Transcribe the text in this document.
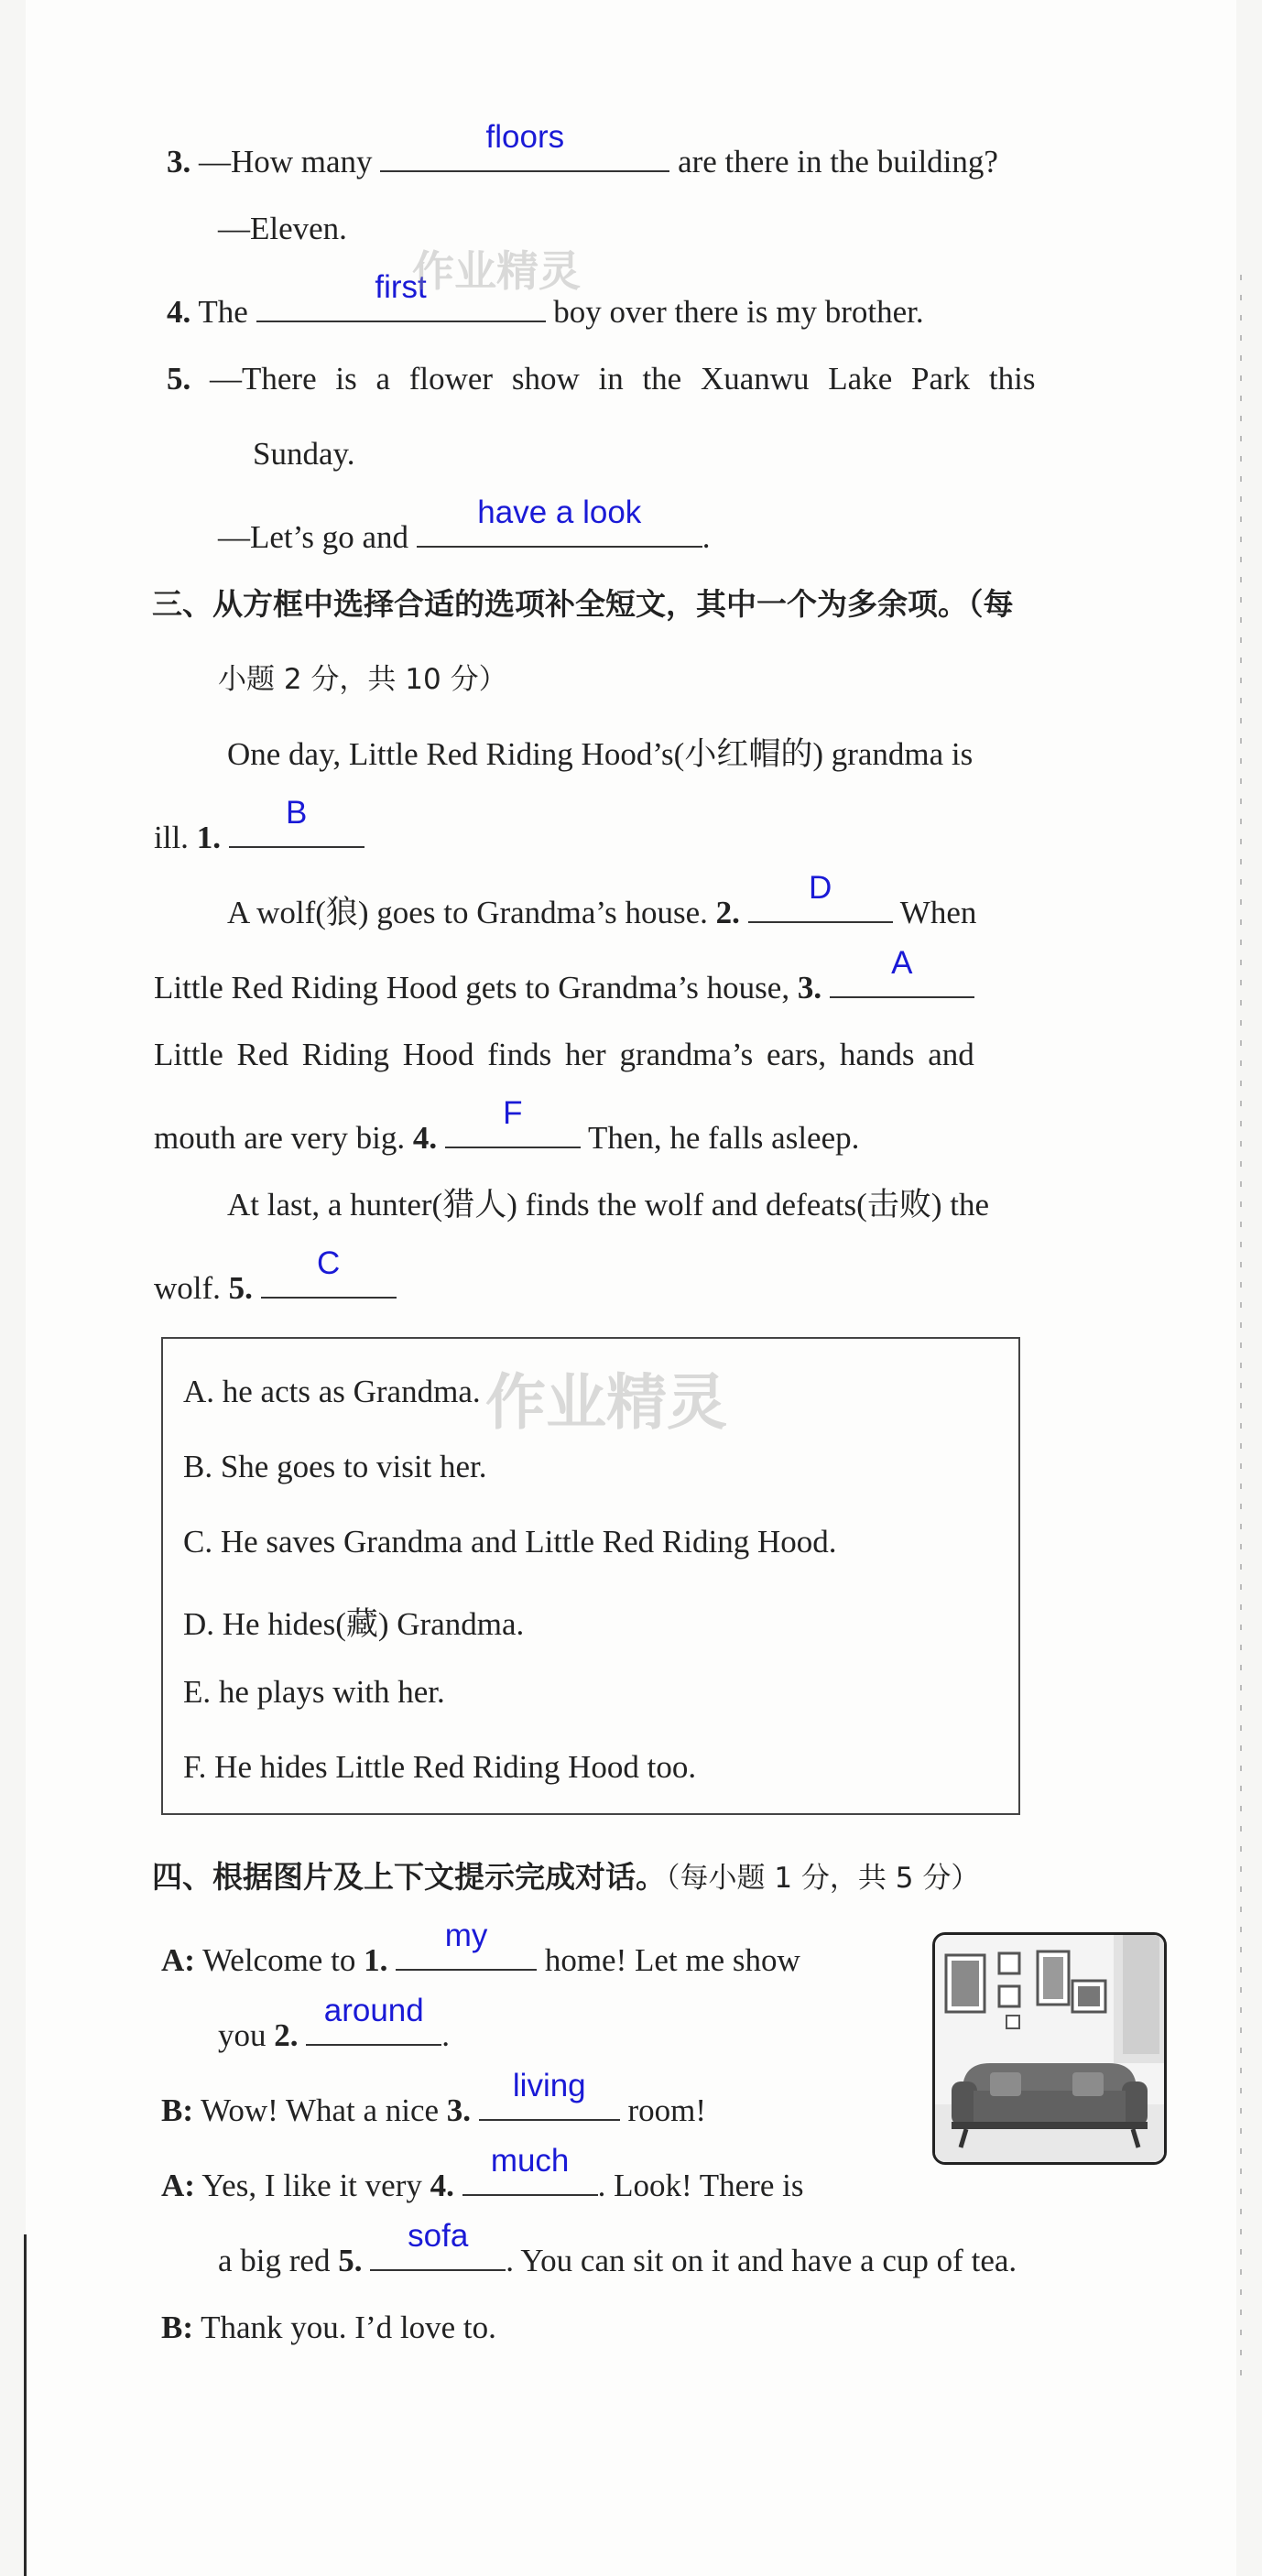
3. —How many
floors
are there in the building?
—Eleven.
4. The
first
boy over there is my brother.
5. —There is a flower show in the Xuanwu Lake Park this
Sunday.
—Let’s go and
have a look
.
三、从方框中选择合适的选项补全短文，其中一个为多余项。（每
小题 2 分，共 10 分）
One day, Little Red Riding Hood’s(小红帽的) grandma is
ill. 1.
B
A wolf(狼) goes to Grandma’s house. 2.
D
When
Little Red Riding Hood gets to Grandma’s house, 3.
A
Little Red Riding Hood finds her grandma’s ears, hands and
mouth are very big. 4.
F
Then, he falls asleep.
At last, a hunter(猎人) finds the wolf and defeats(击败) the
wolf. 5.
C
A. he acts as Grandma.
B. She goes to visit her.
C. He saves Grandma and Little Red Riding Hood.
D. He hides(藏) Grandma.
E. he plays with her.
F. He hides Little Red Riding Hood too.
四、根据图片及上下文提示完成对话。（每小题 1 分，共 5 分）
A: Welcome to 1.
my
home! Let me show
you 2.
around
.
B: Wow! What a nice 3.
living
room!
A: Yes, I like it very 4.
much
. Look! There is
a big red 5.
sofa
. You can sit on it and have a cup of tea.
B: Thank you. I’d love to.
作业精灵
作业精灵
